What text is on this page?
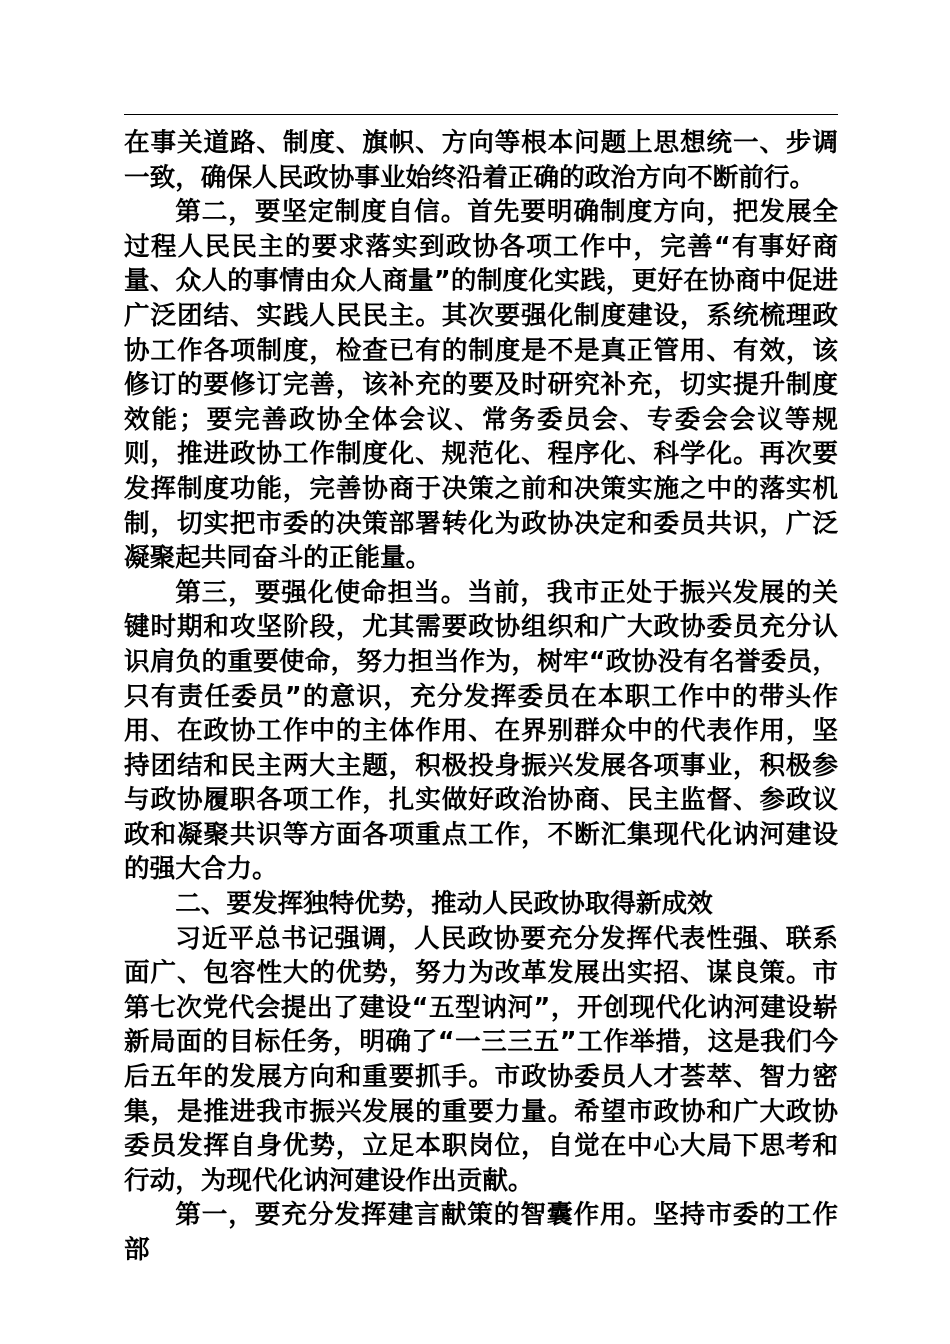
在事关道路、制度、旗帜、方向等根本问题上思想统一、步调一致，确保人民政协事业始终沿着正确的政治方向不断前行。

第二，要坚定制度自信。首先要明确制度方向，把发展全过程人民民主的要求落实到政协各项工作中，完善“有事好商量、众人的事情由众人商量”的制度化实践，更好在协商中促进广泛团结、实践人民民主。其次要强化制度建设，系统梳理政协工作各项制度，检查已有的制度是不是真正管用、有效，该修订的要修订完善，该补充的要及时研究补充，切实提升制度效能；要完善政协全体会议、常务委员会、专委会会议等规则，推进政协工作制度化、规范化、程序化、科学化。再次要发挥制度功能，完善协商于决策之前和决策实施之中的落实机制，切实把市委的决策部署转化为政协决定和委员共识，广泛凝聚起共同奋斗的正能量。

第三，要强化使命担当。当前，我市正处于振兴发展的关键时期和攻坚阶段，尤其需要政协组织和广大政协委员充分认识肩负的重要使命，努力担当作为，树牢“政协没有名誉委员，只有责任委员”的意识，充分发挥委员在本职工作中的带头作用、在政协工作中的主体作用、在界别群众中的代表作用，坚持团结和民主两大主题，积极投身振兴发展各项事业，积极参与政协履职各项工作，扎实做好政治协商、民主监督、参政议政和凝聚共识等方面各项重点工作，不断汇集现代化讷河建设的强大合力。

二、要发挥独特优势，推动人民政协取得新成效

习近平总书记强调，人民政协要充分发挥代表性强、联系面广、包容性大的优势，努力为改革发展出实招、谋良策。市第七次党代会提出了建设“五型讷河”，开创现代化讷河建设崭新局面的目标任务，明确了“一三三五”工作举措，这是我们今后五年的发展方向和重要抓手。市政协委员人才荟萃、智力密集，是推进我市振兴发展的重要力量。希望市政协和广大政协委员发挥自身优势，立足本职岗位，自觉在中心大局下思考和行动，为现代化讷河建设作出贡献。

第一，要充分发挥建言献策的智囊作用。坚持市委的工作部
